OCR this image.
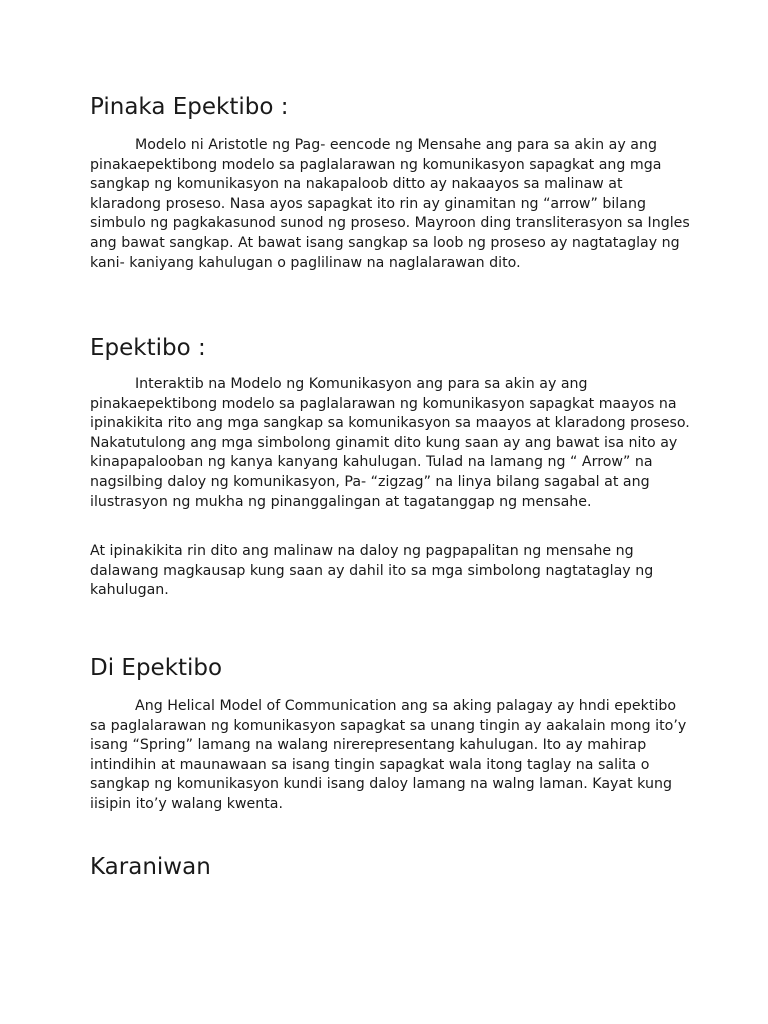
Pinaka Epektibo :

Modelo ni Aristotle ng Pag- eencode ng Mensahe ang para sa akin ay ang pinakaepektibong modelo sa paglalarawan ng komunikasyon sapagkat ang mga sangkap ng komunikasyon na nakapaloob ditto ay nakaayos sa malinaw at klaradong proseso. Nasa ayos sapagkat ito rin ay ginamitan ng “arrow” bilang simbulo ng pagkakasunod sunod ng proseso. Mayroon ding transliterasyon sa Ingles ang bawat sangkap. At bawat isang sangkap sa loob ng proseso ay nagtataglay ng kani- kaniyang kahulugan o paglilinaw na naglalarawan dito.

Epektibo :

Interaktib na Modelo ng Komunikasyon ang para sa akin ay ang pinakaepektibong modelo sa paglalarawan ng komunikasyon sapagkat maayos na ipinakikita rito ang mga sangkap sa komunikasyon sa maayos at klaradong proseso. Nakatutulong ang mga simbolong ginamit dito kung saan ay ang bawat isa nito ay kinapapalooban ng kanya kanyang kahulugan. Tulad na lamang ng “ Arrow” na nagsilbing daloy ng komunikasyon, Pa- “zigzag” na linya bilang sagabal at ang ilustrasyon ng mukha ng pinanggalingan at tagatanggap ng mensahe.

At ipinakikita rin dito ang malinaw na daloy ng pagpapalitan ng mensahe ng dalawang magkausap kung saan ay dahil ito sa mga simbolong nagtataglay ng kahulugan.

Di Epektibo

Ang Helical Model of Communication ang sa aking palagay ay hndi epektibo sa paglalarawan ng komunikasyon sapagkat sa unang tingin ay aakalain mong ito’y isang “Spring” lamang na walang nirerepresentang kahulugan. Ito ay mahirap intindihin at maunawaan sa isang tingin sapagkat wala itong taglay na salita o sangkap ng komunikasyon kundi isang daloy lamang na walng laman. Kayat kung iisipin ito’y walang kwenta.

Karaniwan
